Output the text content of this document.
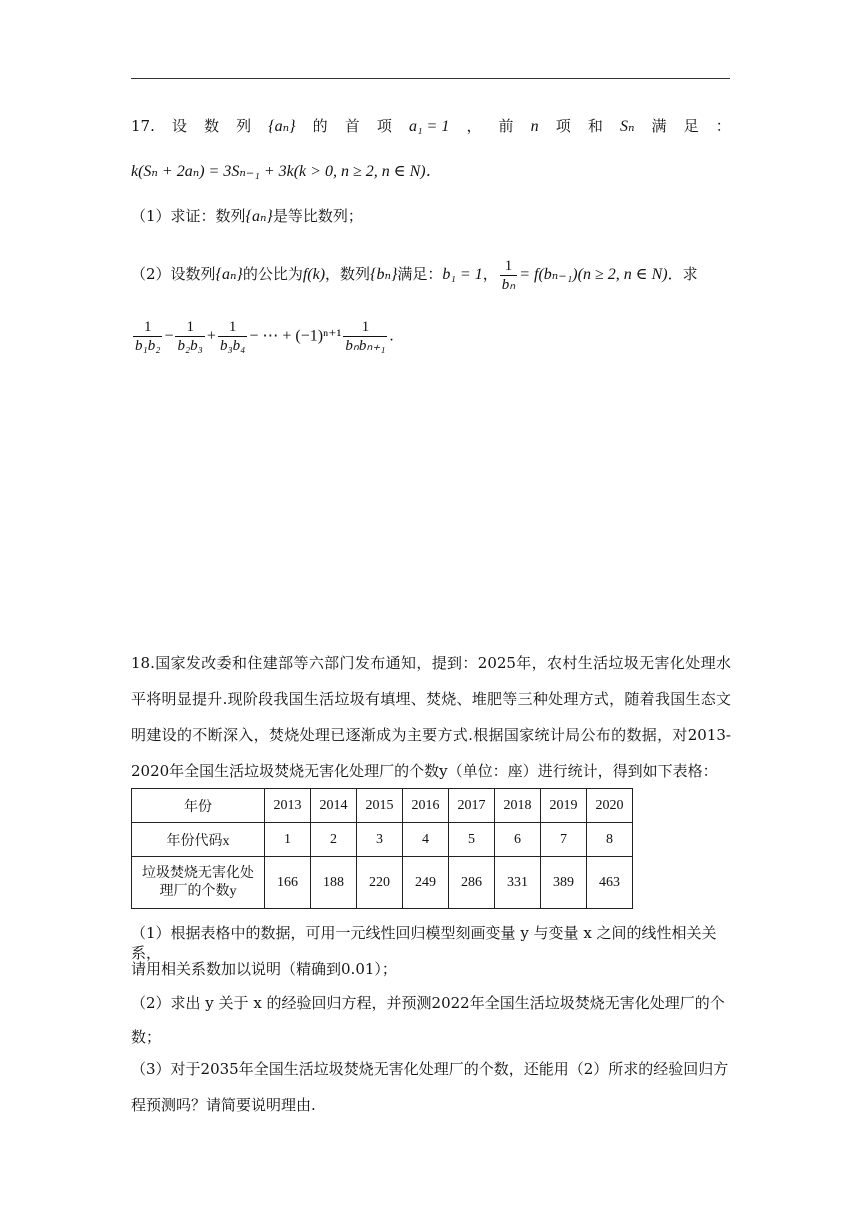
17. 设 数 列 {aₙ} 的 首 项 a₁ = 1 ， 前 n 项 和 Sₙ 满 足 ：
k(Sₙ + 2aₙ) = 3Sₙ₋₁ + 3k(k > 0, n ≥ 2, n ∈ N)．
（1）求证：数列{aₙ}是等比数列；
（2）设数列{aₙ}的公比为f(k)，数列{bₙ}满足：b₁ = 1， $\frac{1}{\text{bₙ}} = f(b_{n-1})(n \ge 2$, n ∈ N)．求
$\frac{1}{\text{b₁b₂}} - \frac{1}{\text{b₂b₃}} + \frac{1}{\text{b₃b₄}}$ − ⋯ + $(-1)^{n+1} \frac{1}{\text{bₙbₙ₊₁}}$ .
18.国家发改委和住建部等六部门发布通知，提到：2025年，农村生活垃圾无害化处理水平将明显提升.现阶段我国生活垃圾有填埋、焚烧、堆肥等三种处理方式，随着我国生态文明建设的不断深入，焚烧处理已逐渐成为主要方式.根据国家统计局公布的数据，对2013-2020年全国生活垃圾焚烧无害化处理厂的个数y（单位：座）进行统计，得到如下表格：
年份	2013	2014	2015	2016	2017	2018	2019	2020
年份代码x	1	2	3	4	5	6	7	8
垃圾焚烧无害化处理厂的个数y	166	188	220	249	286	331	389	463
（1）根据表格中的数据，可用一元线性回归模型刻画变量 y 与变量 x 之间的线性相关关系，
请用相关系数加以说明（精确到0.01）；
（2）求出 y 关于 x 的经验回归方程，并预测2022年全国生活垃圾焚烧无害化处理厂的个
数；
（3）对于2035年全国生活垃圾焚烧无害化处理厂的个数，还能用（2）所求的经验回归方
程预测吗？请简要说明理由.
